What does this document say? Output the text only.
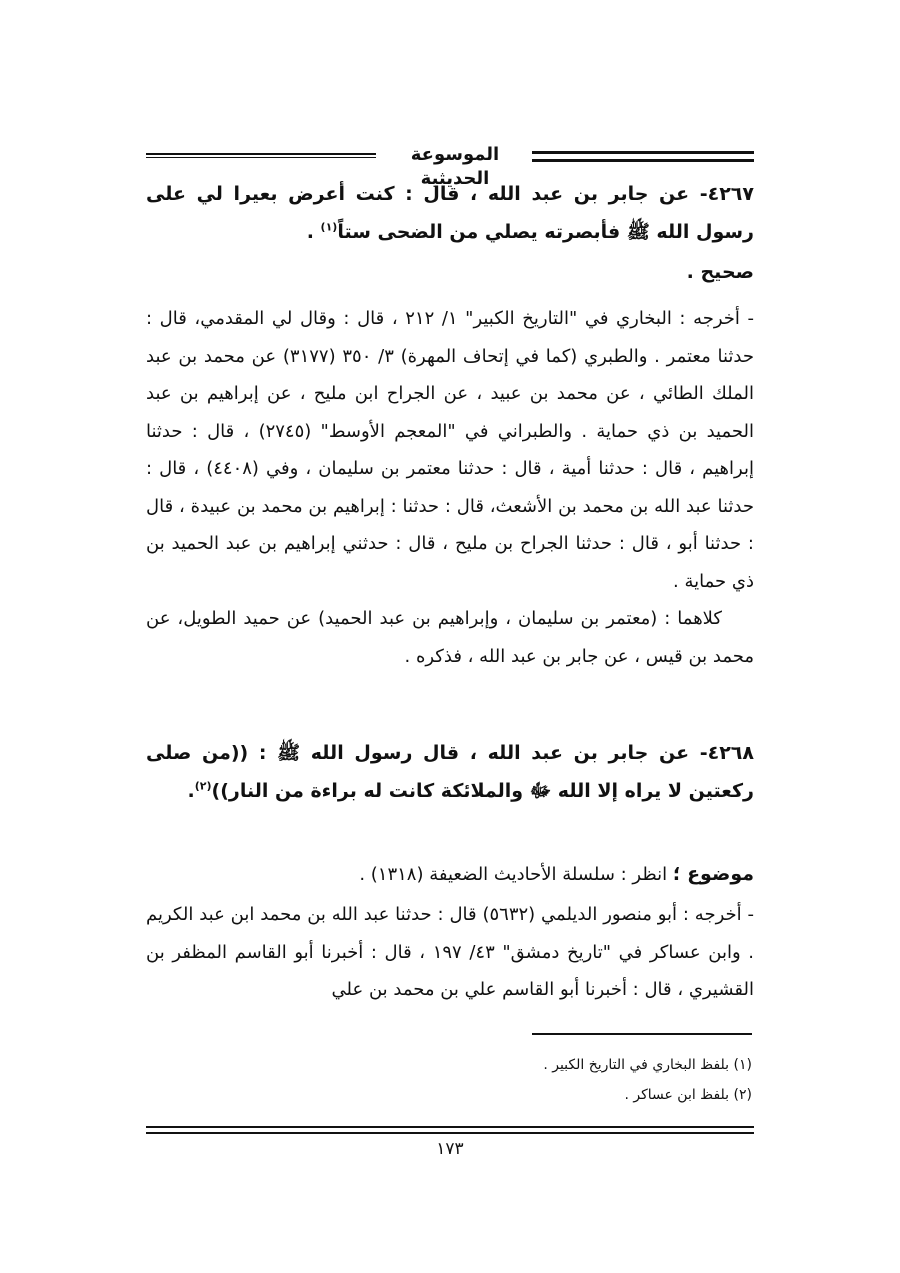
الموسوعة الحديثية
٤٢٦٧- عن جابر بن عبد الله ، قال : كنت أعرض بعيرا لي على رسول الله ﷺ فأبصرته يصلي من الضحى ستاً$^{(١)}$ .
صحيح .

- أخرجه : البخاري في "التاريخ الكبير" ١/ ٢١٢ ، قال : وقال لي المقدمي، قال : حدثنا معتمر . والطبري (كما في إتحاف المهرة) ٣/ ٣٥٠ (٣١٧٧) عن محمد بن عبد الملك الطائي ، عن محمد بن عبيد ، عن الجراح ابن مليح ، عن إبراهيم بن عبد الحميد بن ذي حماية . والطبراني في "المعجم الأوسط" (٢٧٤٥) ، قال : حدثنا إبراهيم ، قال : حدثنا أمية ، قال : حدثنا معتمر بن سليمان ، وفي (٤٤٠٨) ، قال : حدثنا عبد الله بن محمد بن الأشعث، قال : حدثنا : إبراهيم بن محمد بن عبيدة ، قال : حدثنا أبو ، قال : حدثنا الجراح بن مليح ، قال : حدثني إبراهيم بن عبد الحميد بن ذي حماية .

كلاهما : (معتمر بن سليمان ، وإبراهيم بن عبد الحميد) عن حميد الطويل، عن محمد بن قيس ، عن جابر بن عبد الله ، فذكره .

٤٢٦٨- عن جابر بن عبد الله ، قال رسول الله ﷺ : ((من صلى ركعتين لا يراه إلا الله ﷻ والملائكة كانت له براءة من النار))$^{(٢)}$.
موضوع ؛ انظر : سلسلة الأحاديث الضعيفة (١٣١٨) .
- أخرجه : أبو منصور الديلمي (٥٦٣٢) قال : حدثنا عبد الله بن محمد ابن عبد الكريم . وابن عساكر في "تاريخ دمشق" ٤٣/ ١٩٧ ، قال : أخبرنا أبو القاسم المظفر بن القشيري ، قال : أخبرنا أبو القاسم علي بن محمد بن علي

(١) بلفظ البخاري في التاريخ الكبير .

(٢) بلفظ ابن عساكر .

١٧٣
